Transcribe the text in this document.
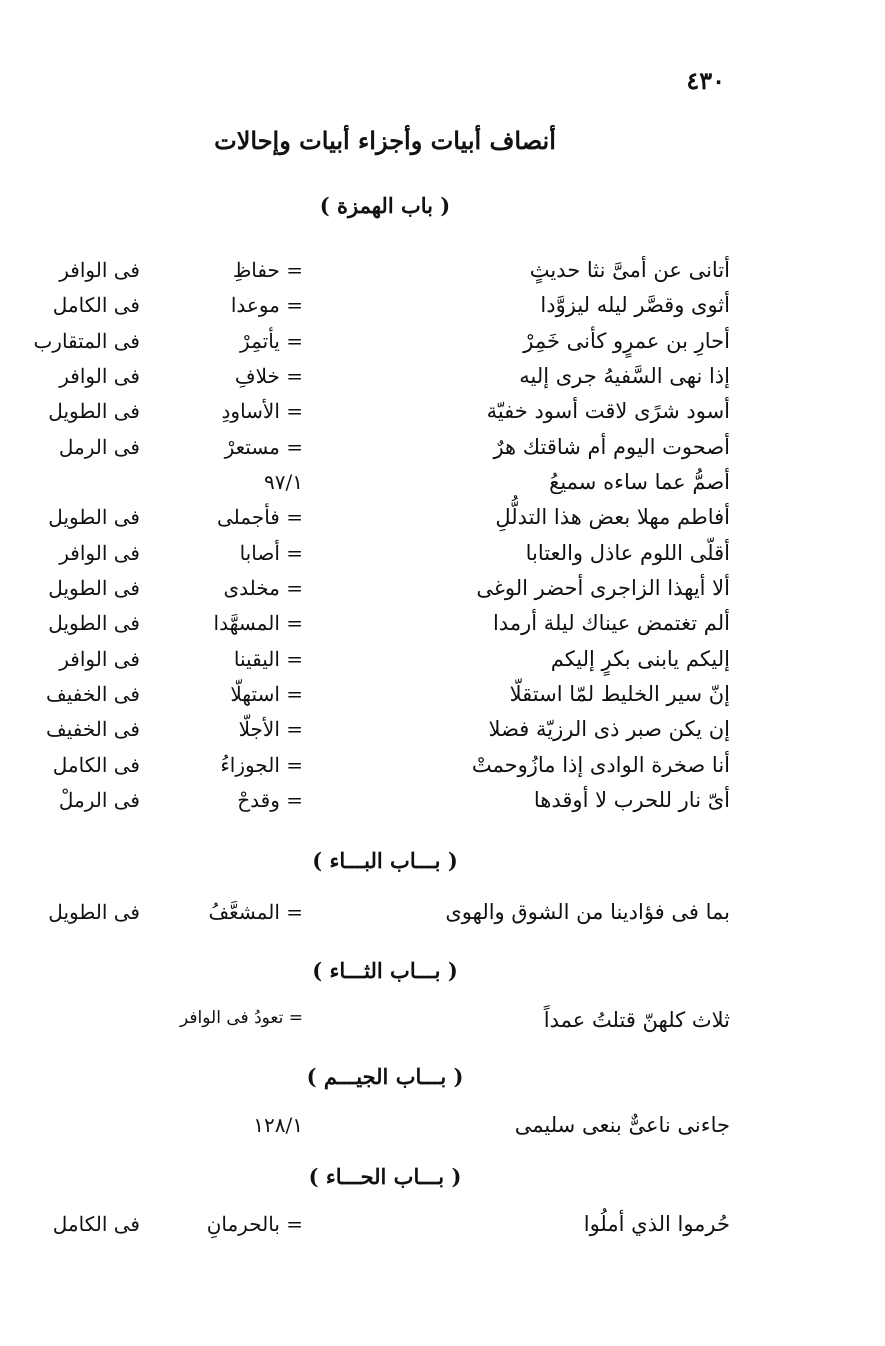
٤٣٠
أنصاف أبيات وأجزاء أبيات وإحالات
( باب الهمزة )
أتانى عن أمىَّ نثا حديثٍ
= حفاظِ
فى الوافر
أثوى وقصَّر ليله ليزوَّدا
= موعدا
فى الكامل
أحارِ بن عمرٍو كأنى خَمِرْ
= يأتمِرْ
فى المتقارب
إذا نهى السَّفيهُ جرى إليه
= خلافِ
فى الوافر
أسود شرًى لاقت أسود خفيّة
= الأساودِ
فى الطويل
أصحوت اليوم أم شاقتك هرٌ
= مستعرْ
فى الرمل
أصمُّ عما ساءه سميعُ
٩٧/١
أفاطم مهلا بعض هذا التدلُّلِ
= فأجملى
فى الطويل
أقلّى اللوم عاذل والعتابا
= أصابا
فى الوافر
ألا أيهذا الزاجرى أحضر الوغى
= مخلدى
فى الطويل
ألم تغتمض عيناك ليلة أرمدا
= المسهَّدا
فى الطويل
إليكم يابنى بكرٍ إليكم
= اليقينا
فى الوافر
إنّ سير الخليط لمّا استقلّا
= استهلّا
فى الخفيف
إن يكن صبر ذى الرزيّة فضلا
= الأجلّا
فى الخفيف
أنا صخرة الوادى إذا مازُوحمتْ
= الجوزاءُ
فى الكامل
أىّ نار للحرب لا أوقدها
= وقدحْ
فى الرملْ
( بـــاب البـــاء )
بما فى فؤادينا من الشوق والهوى
= المشعَّفُ
فى الطويل
( بـــاب الثـــاء )
ثلاث كلهنّ قتلتُ عمداً
= تعودُ فى الوافر
( بـــاب الجيـــم )
جاءنى ناعىٌّ بنعى سليمى
١٢٨/١
( بـــاب الحـــاء )
حُرموا الذي أملُوا
= بالحرمانِ
فى الكامل
